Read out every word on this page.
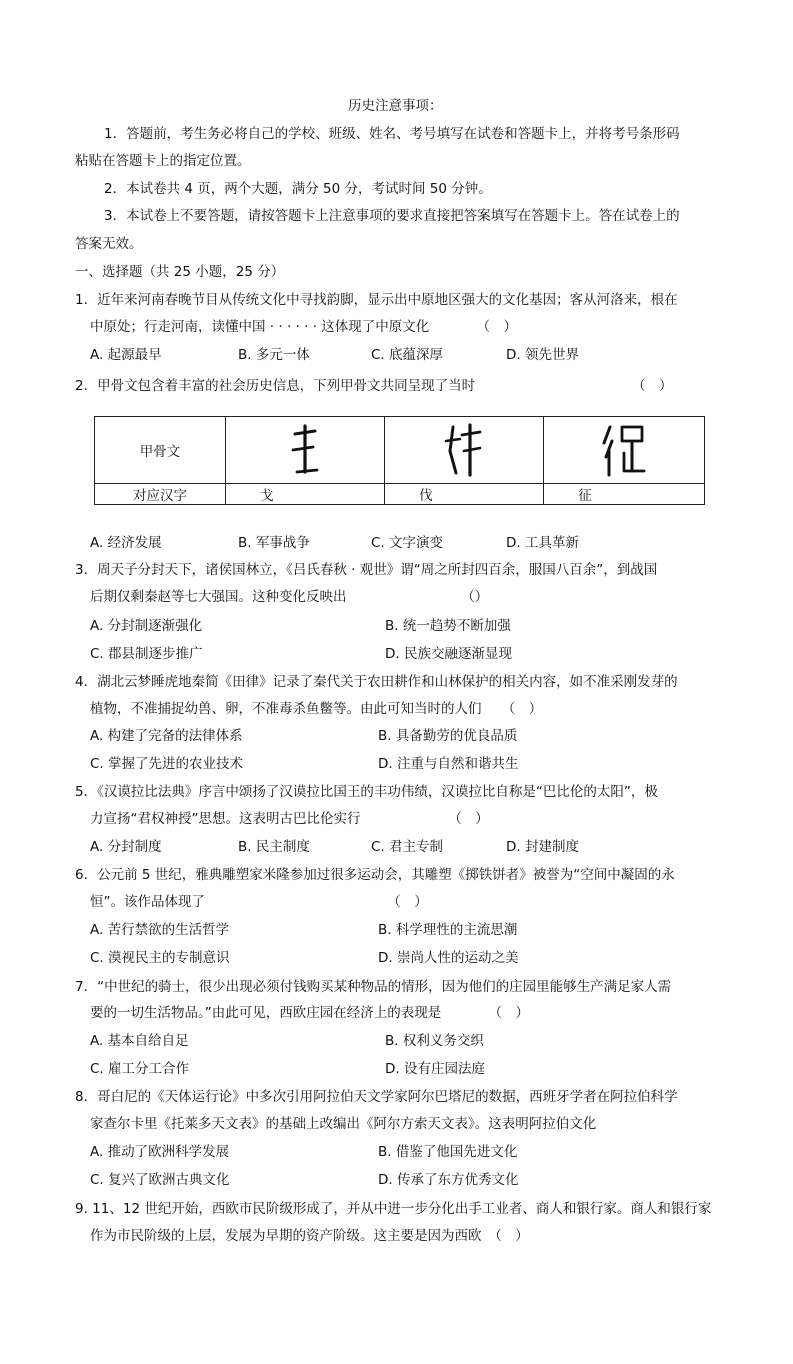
历史注意事项：
1．答题前，考生务必将自己的学校、班级、姓名、考号填写在试卷和答题卡上，并将考号条形码
粘贴在答题卡上的指定位置。
2．本试卷共 4 页，两个大题，满分 50 分，考试时间 50 分钟。
3．本试卷上不要答题，请按答题卡上注意事项的要求直接把答案填写在答题卡上。答在试卷上的
答案无效。
一、选择题（共 25 小题，25 分）
1．近年来河南春晚节目从传统文化中寻找韵脚，显示出中原地区强大的文化基因；客从河洛来，根在
中原处；行走河南，读懂中国 · · · · · · 这体现了中原文化　　　　（　）
A. 起源最早	B. 多元一体	C. 底蕴深厚	D. 领先世界
2．甲骨文包含着丰富的社会历史信息，下列甲骨文共同呈现了当时	（　）
甲骨文	

对应汉字	戈	伐	征
A. 经济发展	B. 军事战争	C. 文字演变	D. 工具革新
3．周天子分封天下，诸侯国林立，《吕氏春秋 · 观世》谓“周之所封四百余，服国八百余”，到战国
后期仅剩秦赵等七大强国。这种变化反映出　　　　　　　　　（）
A. 分封制逐渐强化	B. 统一趋势不断加强
C. 郡县制逐步推广	D. 民族交融逐渐显现
4．湖北云梦睡虎地秦简《田律》记录了秦代关于农田耕作和山林保护的相关内容，如不准采刚发芽的
植物，不准捕捉幼兽、卵，不准毒杀鱼鳖等。由此可知当时的人们　　（　）
A. 构建了完备的法律体系	B. 具备勤劳的优良品质
C. 掌握了先进的农业技术	D. 注重与自然和谐共生
5．《汉谟拉比法典》序言中颂扬了汉谟拉比国王的丰功伟绩，汉谟拉比自称是“巴比伦的太阳”，极
力宣扬“君权神授”思想。这表明古巴比伦实行　　　　　　　（　）
A. 分封制度	B. 民主制度	C. 君主专制	D. 封建制度
6．公元前 5 世纪，雅典雕塑家米隆参加过很多运动会，其雕塑《掷铁饼者》被誉为“空间中凝固的永
恒”。该作品体现了　　　　　　　　　　　　　　（　）
A. 苦行禁欲的生活哲学	B. 科学理性的主流思潮
C. 漠视民主的专制意识	D. 崇尚人性的运动之美
7．“中世纪的骑士，很少出现必须付钱购买某种物品的情形，因为他们的庄园里能够生产满足家人需
要的一切生活物品。”由此可见，西欧庄园在经济上的表现是　　　　（　）
A. 基本自给自足	B. 权利义务交织
C. 雇工分工合作	D. 设有庄园法庭
8．哥白尼的《天体运行论》中多次引用阿拉伯天文学家阿尔巴塔尼的数据，西班牙学者在阿拉伯科学
家查尔卡里《托莱多天文表》的基础上改编出《阿尔方索天文表》。这表明阿拉伯文化
A. 推动了欧洲科学发展	B. 借鉴了他国先进文化
C. 复兴了欧洲古典文化	D. 传承了东方优秀文化
9. 11、12 世纪开始，西欧市民阶级形成了，并从中进一步分化出手工业者、商人和银行家。商人和银行家
作为市民阶级的上层，发展为早期的资产阶级。这主要是因为西欧　（　）
